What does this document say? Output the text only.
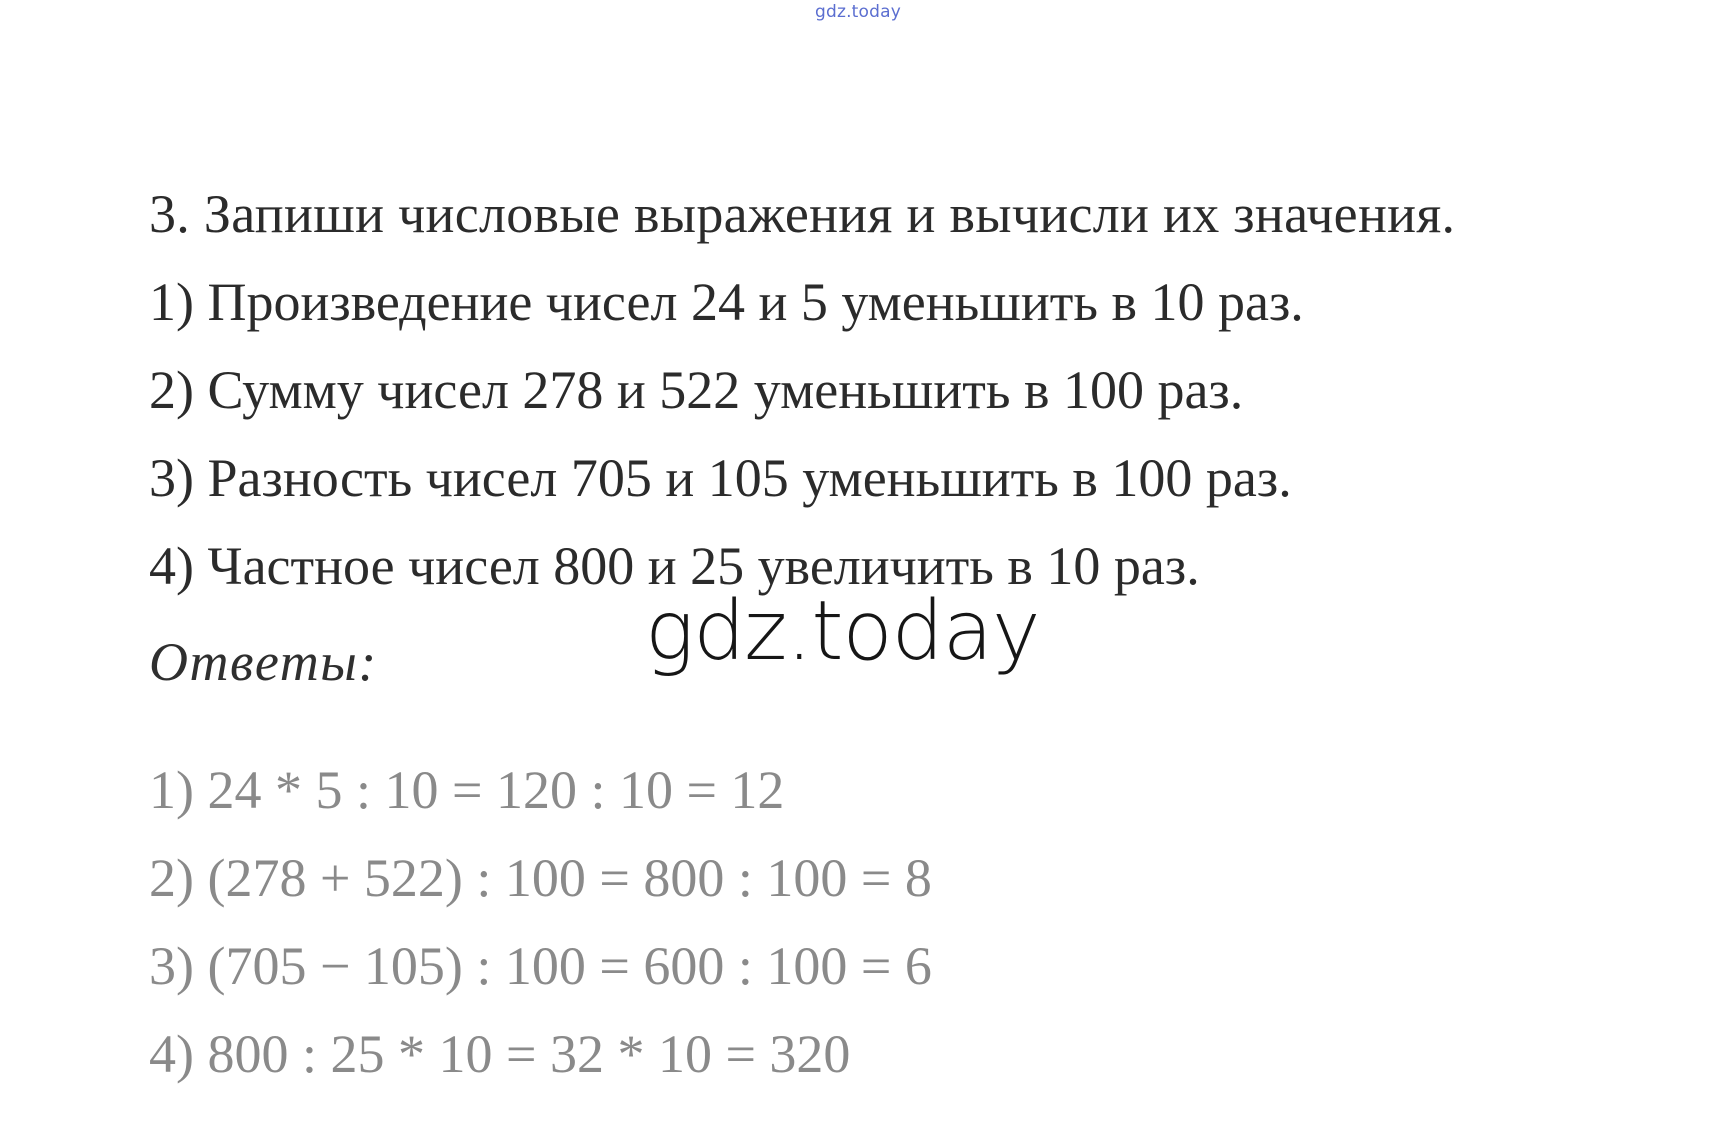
gdz.today
3. Запиши числовые выражения и вычисли их значения.
1) Произведение чисел 24 и 5 уменьшить в 10 раз.
2) Сумму чисел 278 и 522 уменьшить в 100 раз.
3) Разность чисел 705 и 105 уменьшить в 100 раз.
4) Частное чисел 800 и 25 увеличить в 10 раз.
Ответы:
1) 24 * 5 : 10 = 120 : 10 = 12
2) (278 + 522) : 100 = 800 : 100 = 8
3) (705 − 105) : 100 = 600 : 100 = 6
4) 800 : 25 * 10 = 32 * 10 = 320
gdz.today
